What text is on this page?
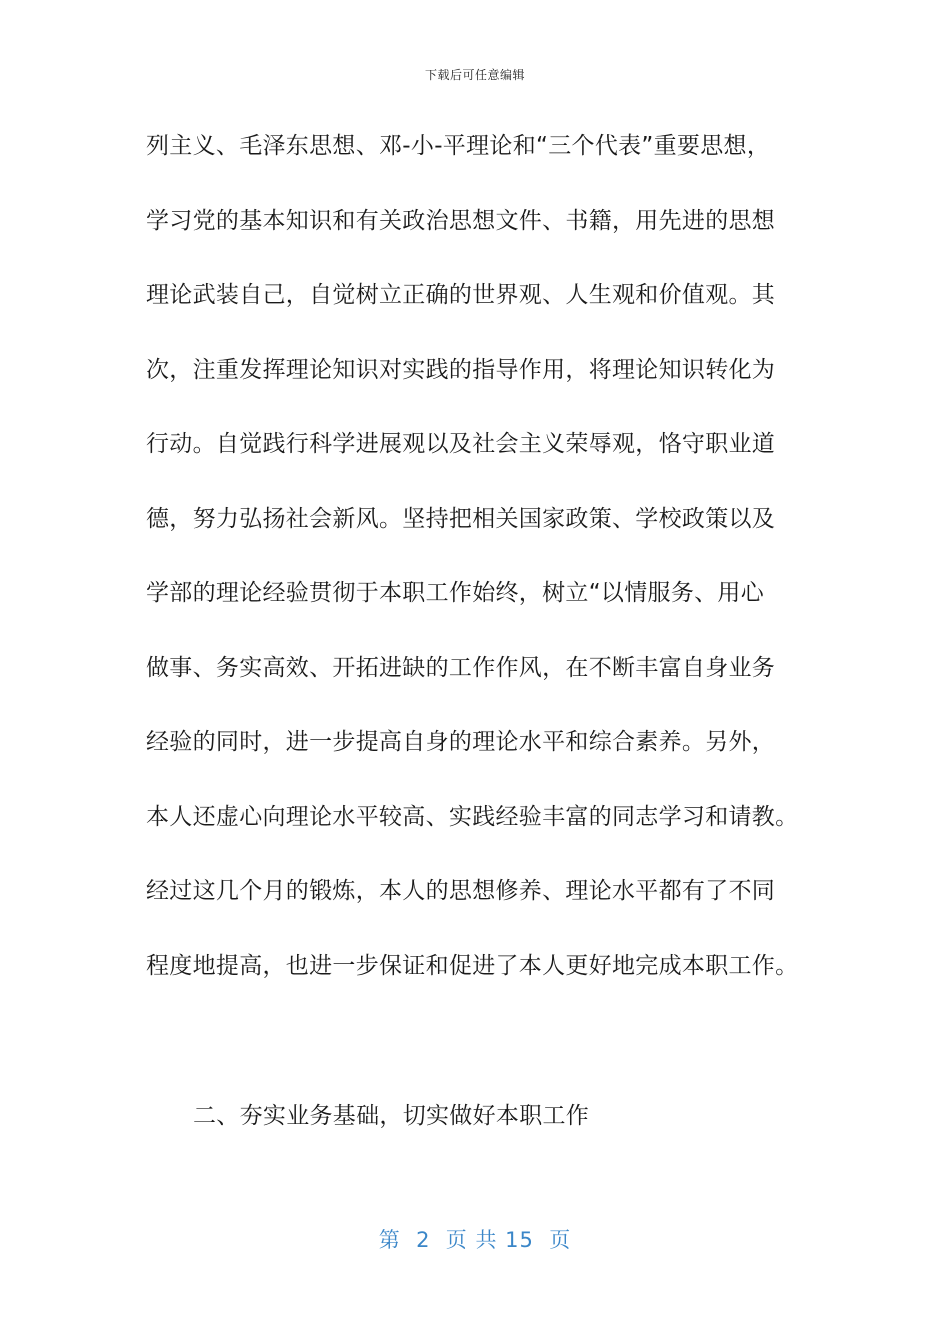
下载后可任意编辑
列主义、毛泽东思想、邓-小-平理论和“三个代表”重要思想，
学习党的基本知识和有关政治思想文件、书籍，用先进的思想
理论武装自己，自觉树立正确的世界观、人生观和价值观。其
次，注重发挥理论知识对实践的指导作用，将理论知识转化为
行动。自觉践行科学进展观以及社会主义荣辱观，恪守职业道
德，努力弘扬社会新风。坚持把相关国家政策、学校政策以及
学部的理论经验贯彻于本职工作始终，树立“以情服务、用心
做事、务实高效、开拓进缺的工作作风，在不断丰富自身业务
经验的同时，进一步提高自身的理论水平和综合素养。另外，
本人还虚心向理论水平较高、实践经验丰富的同志学习和请教。
经过这几个月的锻炼，本人的思想修养、理论水平都有了不同
程度地提高，也进一步保证和促进了本人更好地完成本职工作。
二、夯实业务基础，切实做好本职工作
第  2  页 共 15  页
